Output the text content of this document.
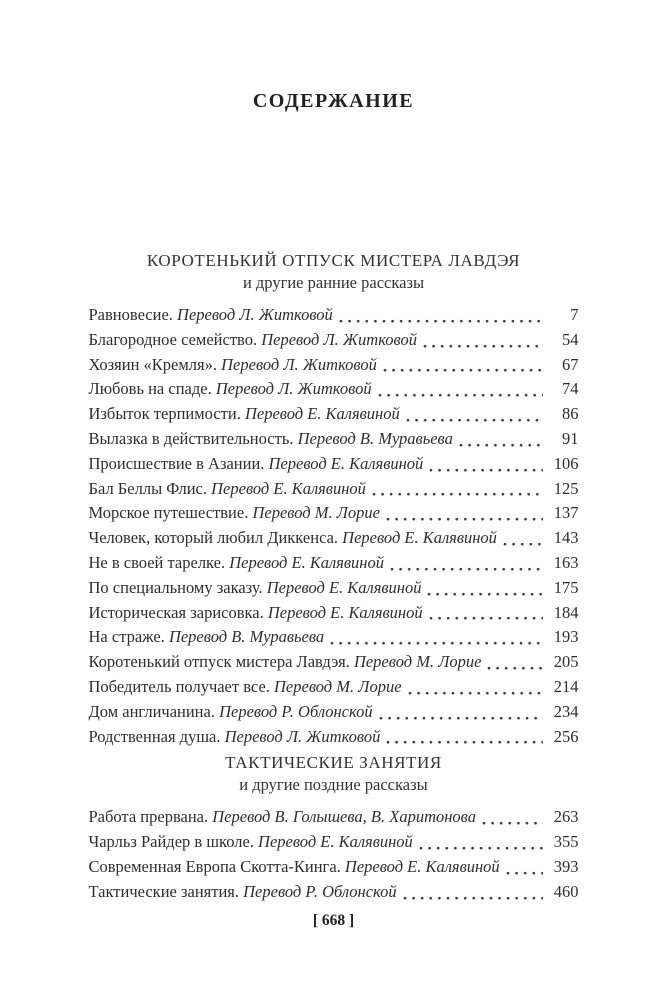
СОДЕРЖАНИЕ
КОРОТЕНЬКИЙ ОТПУСК МИСТЕРА ЛАВДЭЯ
и другие ранние рассказы
Равновесие. Перевод Л. Житковой	7
Благородное семейство. Перевод Л. Житковой	54
Хозяин «Кремля». Перевод Л. Житковой	67
Любовь на спаде. Перевод Л. Житковой	74
Избыток терпимости. Перевод Е. Калявиной	86
Вылазка в действительность. Перевод В. Муравьева	91
Происшествие в Азании. Перевод Е. Калявиной	106
Бал Беллы Флис. Перевод Е. Калявиной	125
Морское путешествие. Перевод М. Лорие	137
Человек, который любил Диккенса. Перевод Е. Калявиной	143
Не в своей тарелке. Перевод Е. Калявиной	163
По специальному заказу. Перевод Е. Калявиной	175
Историческая зарисовка. Перевод Е. Калявиной	184
На страже. Перевод В. Муравьева	193
Коротенький отпуск мистера Лавдэя. Перевод М. Лорие	205
Победитель получает все. Перевод М. Лорие	214
Дом англичанина. Перевод Р. Облонской	234
Родственная душа. Перевод Л. Житковой	256
ТАКТИЧЕСКИЕ ЗАНЯТИЯ
и другие поздние рассказы
Работа прервана. Перевод В. Голышева, В. Харитонова	263
Чарльз Райдер в школе. Перевод Е. Калявиной	355
Современная Европа Скотта-Кинга. Перевод Е. Калявиной	393
Тактические занятия. Перевод Р. Облонской	460
[ 668 ]
